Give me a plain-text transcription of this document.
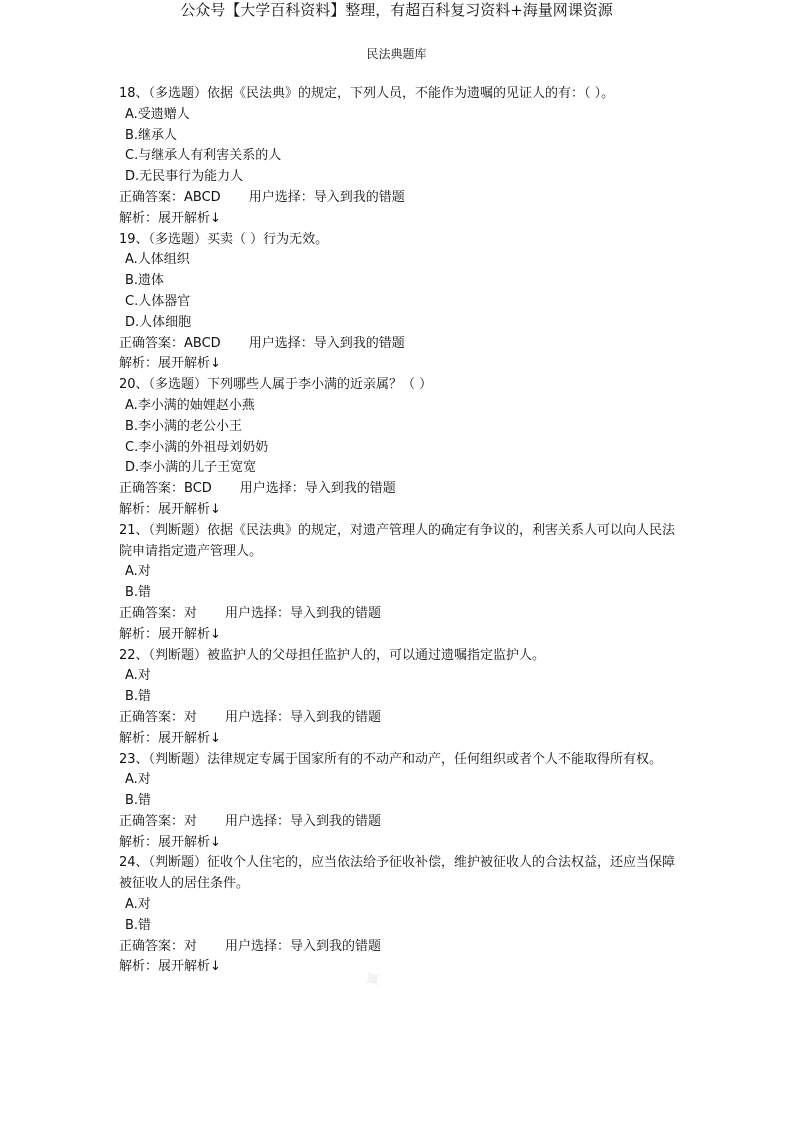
公众号【大学百科资料】整理，有超百科复习资料+海量网课资源
民法典题库

18、（多选题）依据《民法典》的规定，下列人员，不能作为遗嘱的见证人的有：（ ）。

A.受遗赠人

B.继承人

C.与继承人有利害关系的人

D.无民事行为能力人

正确答案：ABCD 用户选择：导入到我的错题

解析：展开解析↓

19、（多选题）买卖（ ）行为无效。

A.人体组织

B.遗体

C.人体器官

D.人体细胞

正确答案：ABCD 用户选择：导入到我的错题

解析：展开解析↓

20、（多选题）下列哪些人属于李小满的近亲属？（ ）

A.李小满的妯娌赵小燕

B.李小满的老公小王

C.李小满的外祖母刘奶奶

D.李小满的儿子王宽宽

正确答案：BCD 用户选择：导入到我的错题

解析：展开解析↓

21、（判断题）依据《民法典》的规定，对遗产管理人的确定有争议的，利害关系人可以向人民法院申请指定遗产管理人。

A.对

B.错

正确答案：对 用户选择：导入到我的错题

解析：展开解析↓

22、（判断题）被监护人的父母担任监护人的，可以通过遗嘱指定监护人。

A.对

B.错

正确答案：对 用户选择：导入到我的错题

解析：展开解析↓

23、（判断题）法律规定专属于国家所有的不动产和动产，任何组织或者个人不能取得所有权。

A.对

B.错

正确答案：对 用户选择：导入到我的错题

解析：展开解析↓

24、（判断题）征收个人住宅的，应当依法给予征收补偿，维护被征收人的合法权益，还应当保障被征收人的居住条件。

A.对

B.错

正确答案：对 用户选择：导入到我的错题

解析：展开解析↓	✦
